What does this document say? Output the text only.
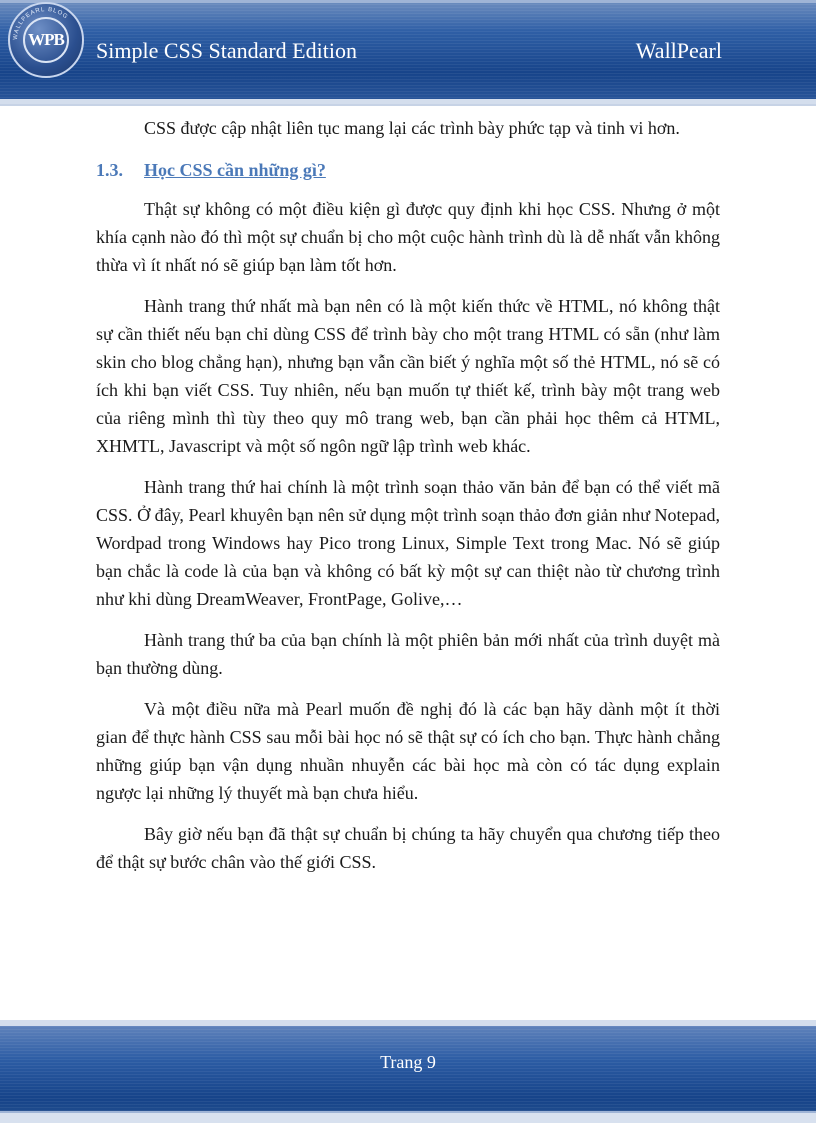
WALLPEARL BLOG
WPB Simple CSS Standard Edition	WallPearl

CSS được cập nhật liên tục mang lại các trình bày phức tạp và tinh vi hơn.

1.3.	Học CSS cần những gì?

Thật sự không có một điều kiện gì được quy định khi học CSS. Nhưng ở một khía cạnh nào đó thì một sự chuẩn bị cho một cuộc hành trình dù là dễ nhất vẫn không thừa vì ít nhất nó sẽ giúp bạn làm tốt hơn.

Hành trang thứ nhất mà bạn nên có là một kiến thức về HTML, nó không thật sự cần thiết nếu bạn chỉ dùng CSS để trình bày cho một trang HTML có sẵn (như làm skin cho blog chẳng hạn), nhưng bạn vẫn cần biết ý nghĩa một số thẻ HTML, nó sẽ có ích khi bạn viết CSS. Tuy nhiên, nếu bạn muốn tự thiết kế, trình bày một trang web của riêng mình thì tùy theo quy mô trang web, bạn cần phải học thêm cả HTML, XHMTL, Javascript và một số ngôn ngữ lập trình web khác.

Hành trang thứ hai chính là một trình soạn thảo văn bản để bạn có thể viết mã CSS. Ở đây, Pearl khuyên bạn nên sử dụng một trình soạn thảo đơn giản như Notepad, Wordpad trong Windows hay Pico trong Linux, Simple Text trong Mac. Nó sẽ giúp bạn chắc là code là của bạn và không có bất kỳ một sự can thiệt nào từ chương trình như khi dùng DreamWeaver, FrontPage, Golive,…

Hành trang thứ ba của bạn chính là một phiên bản mới nhất của trình duyệt mà bạn thường dùng.

Và một điều nữa mà Pearl muốn đề nghị đó là các bạn hãy dành một ít thời gian để thực hành CSS sau mỗi bài học nó sẽ thật sự có ích cho bạn. Thực hành chẳng những giúp bạn vận dụng nhuần nhuyễn các bài học mà còn có tác dụng explain ngược lại những lý thuyết mà bạn chưa hiểu.

Bây giờ nếu bạn đã thật sự chuẩn bị chúng ta hãy chuyển qua chương tiếp theo để thật sự bước chân vào thế giới CSS.

Trang 9
